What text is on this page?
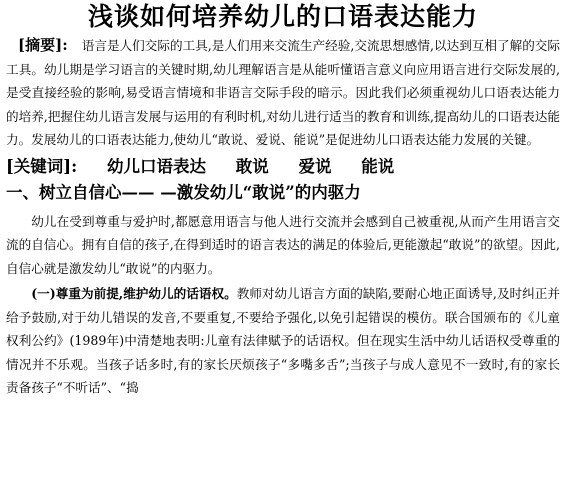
浅谈如何培养幼儿的口语表达能力
[摘要]: 语言是人们交际的工具,是人们用来交流生产经验,交流思想感情,以达到互相了解的交际工具。幼儿期是学习语言的关键时期,幼儿理解语言是从能听懂语言意义向应用语言进行交际发展的,是受直接经验的影响,易受语言情境和非语言交际手段的暗示。因此我们必须重视幼儿口语表达能力的培养,把握住幼儿语言发展与运用的有利时机,对幼儿进行适当的教育和训练,提高幼儿的口语表达能力。发展幼儿的口语表达能力,使幼儿“敢说、爱说、能说”是促进幼儿口语表达能力发展的关键。
[关键词]: 幼儿口语表达 敢说 爱说 能说
一、树立自信心—— —激发幼儿“敢说”的内驱力
幼儿在受到尊重与爱护时,都愿意用语言与他人进行交流并会感到自己被重视,从而产生用语言交流的自信心。拥有自信的孩子,在得到适时的语言表达的满足的体验后,更能激起“敢说”的欲望。因此,自信心就是激发幼儿“敢说”的内驱力。
(一)尊重为前提,维护幼儿的话语权。教师对幼儿语言方面的缺陷,要耐心地正面诱导,及时纠正并给予鼓励,对于幼儿错误的发音,不要重复,不要给予强化,以免引起错误的模仿。联合国颁布的《儿童权利公约》(1989年)中清楚地表明:儿童有法律赋予的话语权。但在现实生活中幼儿话语权受尊重的情况并不乐观。当孩子话多时,有的家长厌烦孩子“多嘴多舌”;当孩子与成人意见不一致时,有的家长责备孩子“不听话”、“捣
